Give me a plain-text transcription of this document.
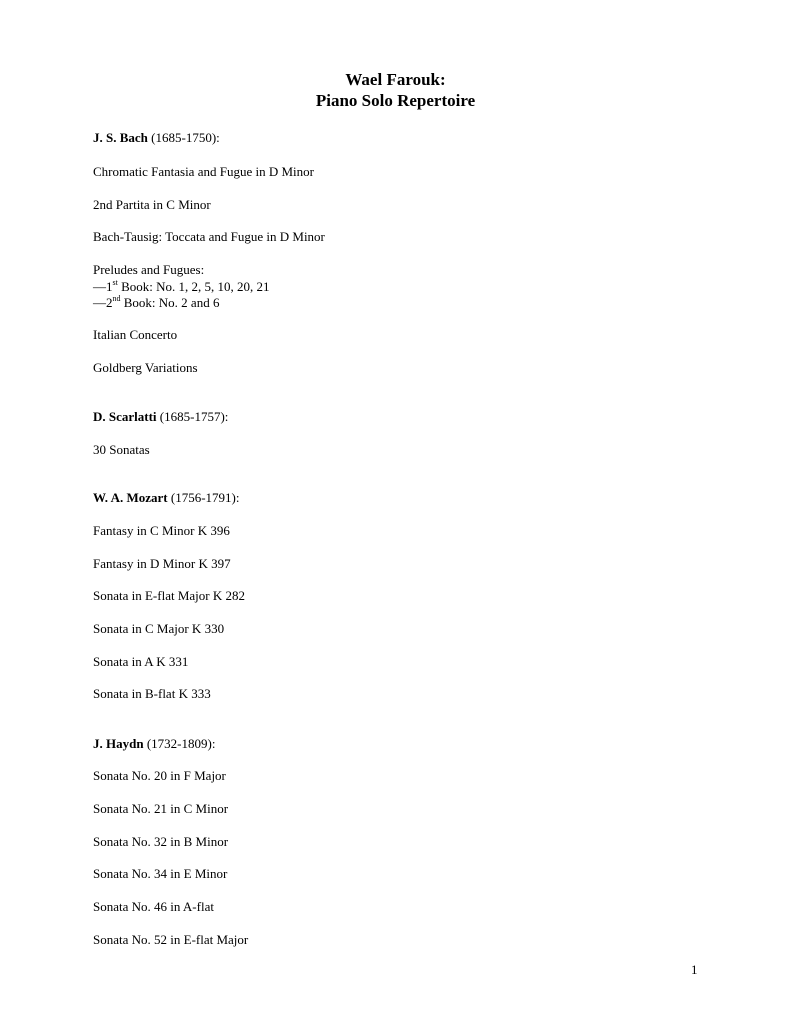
Wael Farouk:
Piano Solo Repertoire
J. S. Bach (1685-1750):
Chromatic Fantasia and Fugue in D Minor
2nd Partita in C Minor
Bach-Tausig: Toccata and Fugue in D Minor
Preludes and Fugues:
—1st Book: No. 1, 2, 5, 10, 20, 21
—2nd Book: No. 2 and 6
Italian Concerto
Goldberg Variations
D. Scarlatti (1685-1757):
30 Sonatas
W. A. Mozart (1756-1791):
Fantasy in C Minor K 396
Fantasy in D Minor K 397
Sonata in E-flat Major K 282
Sonata in C Major K 330
Sonata in A K 331
Sonata in B-flat K 333
J. Haydn (1732-1809):
Sonata No. 20 in F Major
Sonata No. 21 in C Minor
Sonata No. 32 in B Minor
Sonata No. 34 in E Minor
Sonata No. 46 in A-flat
Sonata No. 52 in E-flat Major
1
